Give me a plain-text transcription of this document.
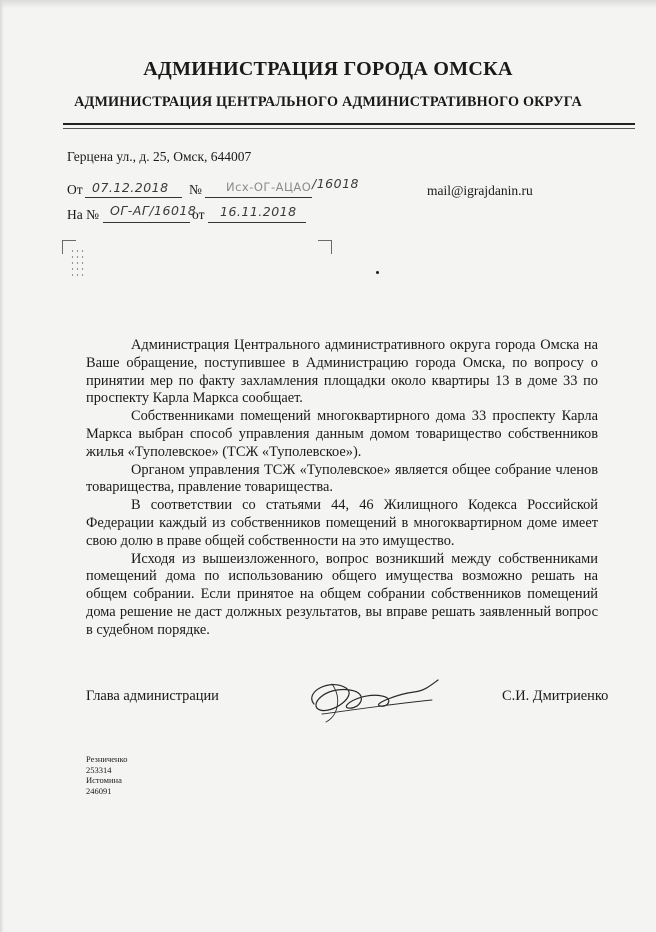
АДМИНИСТРАЦИЯ ГОРОДА ОМСКА
АДМИНИСТРАЦИЯ ЦЕНТРАЛЬНОГО АДМИНИСТРАТИВНОГО ОКРУГА
Герцена ул., д. 25, Омск, 644007
От 07.12.2018 № Исх-ОГ-АЦАО /16018	mail@igrajdanin.ru
На № ОГ-АГ/16018
от 16.11.2018

Администрация Центрального административного округа города Омска на Ваше обращение, поступившее в Администрацию города Омска, по вопросу о принятии мер по факту захламления площадки около квартиры 13 в доме 33 по проспекту Карла Маркса сообщает.

Собственниками помещений многоквартирного дома 33 проспекту Карла Маркса выбран способ управления данным домом товариществo собственников жилья «Туполевское» (ТСЖ «Туполевское»).

Органом управления ТСЖ «Туполевское» является общее собрание членов товарищества, правление товарищества.

В соответствии со статьями 44, 46 Жилищного Кодекса Российской Федерации каждый из собственников помещений в многоквартирном доме имеет свою долю в праве общей собственности на это имущество.

Исходя из вышеизложенного, вопрос возникший между собственниками помещений дома по использованию общего имущества возможно решать на общем собрании. Если принятое на общем собрании собственников помещений дома решение не даст должных результатов, вы вправе решать заявленный вопрос в судебном порядке.

Глава администрации	С.И. Дмитриенко
Резниченко
253314
Истомина
246091
